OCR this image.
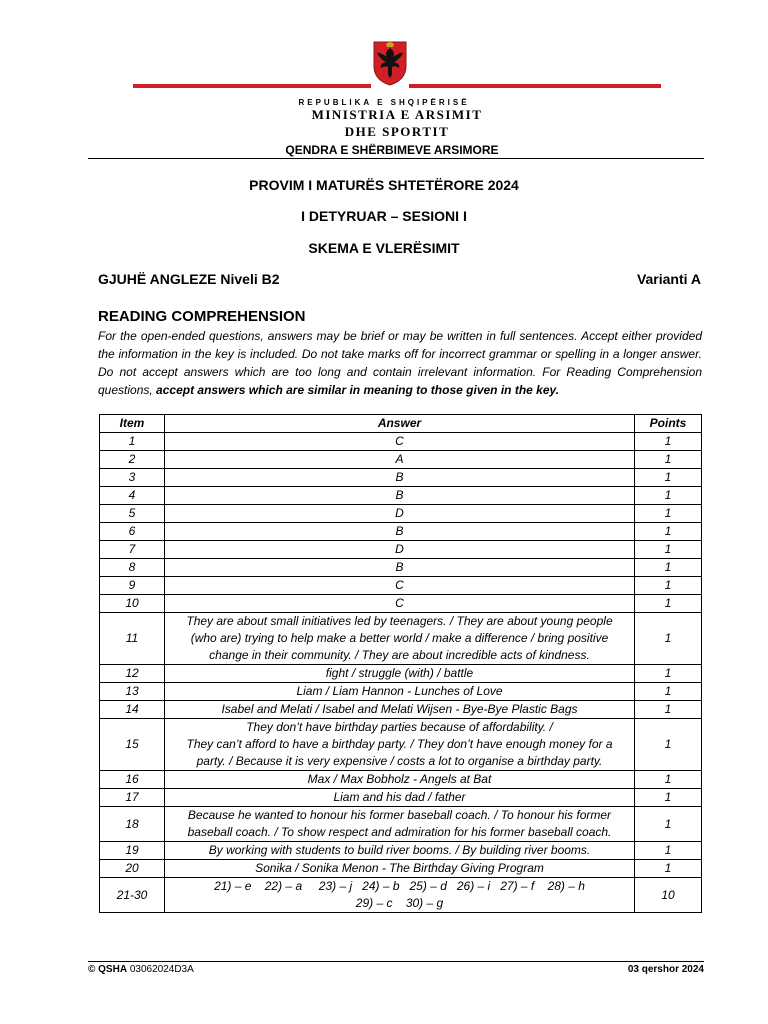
REPUBLIKA E SHQIPËRISË
MINISTRIA E ARSIMIT
DHE SPORTIT
QENDRA E SHËRBIMEVE ARSIMORE
PROVIM I MATURËS SHTETËRORE 2024
I DETYRUAR – SESIONI I
SKEMA E VLERËSIMIT
GJUHË ANGLEZE Niveli B2	Varianti A
READING COMPREHENSION
For the open-ended questions, answers may be brief or may be written in full sentences. Accept either provided the information in the key is included. Do not take marks off for incorrect grammar or spelling in a longer answer. Do not accept answers which are too long and contain irrelevant information. For Reading Comprehension questions, accept answers which are similar in meaning to those given in the key.
Item	Answer	Points
1	C	1
2	A	1
3	B	1
4	B	1
5	D	1
6	B	1
7	D	1
8	B	1
9	C	1
10	C	1
11	They are about small initiatives led by teenagers. / They are about young people
(who are) trying to help make a better world / make a difference / bring positive
change in their community. / They are about incredible acts of kindness.	1
12	fight / struggle (with) / battle	1
13	Liam / Liam Hannon - Lunches of Love	1
14	Isabel and Melati / Isabel and Melati Wijsen - Bye-Bye Plastic Bags	1
15	They don’t have birthday parties because of affordability. /
They can’t afford to have a birthday party. / They don’t have enough money for a
party. / Because it is very expensive / costs a lot to organise a birthday party.	1
16	Max / Max Bobholz - Angels at Bat	1
17	Liam and his dad / father	1
18	Because he wanted to honour his former baseball coach. / To honour his former
baseball coach. / To show respect and admiration for his former baseball coach.	1
19	By working with students to build river booms. / By building river booms.	1
20	Sonika / Sonika Menon - The Birthday Giving Program	1
21-30	21) – e    22) – a     23) – j   24) – b   25) – d   26) – i   27) – f    28) – h
29) – c    30) – g	10
© QSHA 03062024D3A	03 qershor 2024
